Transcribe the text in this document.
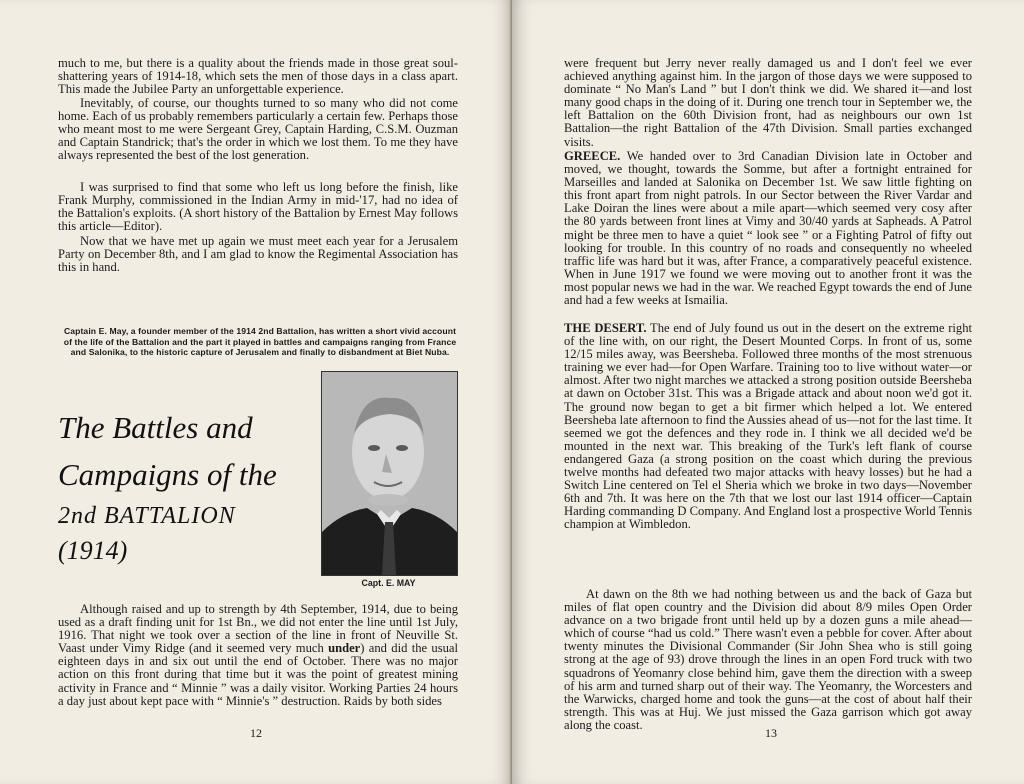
much to me, but there is a quality about the friends made in those great soul-shattering years of 1914-18, which sets the men of those days in a class apart. This made the Jubilee Party an unforgettable experience.

Inevitably, of course, our thoughts turned to so many who did not come home. Each of us probably remembers particularly a certain few. Perhaps those who meant most to me were Sergeant Grey, Captain Harding, C.S.M. Ouzman and Captain Standrick; that's the order in which we lost them. To me they have always represented the best of the lost generation.

I was surprised to find that some who left us long before the finish, like Frank Murphy, commissioned in the Indian Army in mid-'17, had no idea of the Battalion's exploits. (A short history of the Battalion by Ernest May follows this article—Editor).

Now that we have met up again we must meet each year for a Jerusalem Party on December 8th, and I am glad to know the Regimental Association has this in hand.

Captain E. May, a founder member of the 1914 2nd Battalion, has written a short vivid account of the life of the Battalion and the part it played in battles and campaigns ranging from France and Salonika, to the historic capture of Jerusalem and finally to disbandment at Biet Nuba.

The Battles and

Campaigns of the

2nd BATTALION

(1914)

Capt. E. MAY

Although raised and up to strength by 4th September, 1914, due to being used as a draft finding unit for 1st Bn., we did not enter the line until 1st July, 1916. That night we took over a section of the line in front of Neuville St. Vaast under Vimy Ridge (and it seemed very much under) and did the usual eighteen days in and six out until the end of October. There was no major action on this front during that time but it was the point of greatest mining activity in France and “ Minnie ” was a daily visitor. Working Parties 24 hours a day just about kept pace with “ Minnie's ” destruction. Raids by both sides

12

were frequent but Jerry never really damaged us and I don't feel we ever achieved anything against him. In the jargon of those days we were supposed to dominate “ No Man's Land ” but I don't think we did. We shared it—and lost many good chaps in the doing of it. During one trench tour in September we, the left Battalion on the 60th Division front, had as neighbours our own 1st Battalion—the right Battalion of the 47th Division. Small parties exchanged visits.

GREECE. We handed over to 3rd Canadian Division late in October and moved, we thought, towards the Somme, but after a fortnight entrained for Marseilles and landed at Salonika on December 1st. We saw little fighting on this front apart from night patrols. In our Sector between the River Vardar and Lake Doiran the lines were about a mile apart—which seemed very cosy after the 80 yards between front lines at Vimy and 30/40 yards at Sapheads. A Patrol might be three men to have a quiet “ look see ” or a Fighting Patrol of fifty out looking for trouble. In this country of no roads and consequently no wheeled traffic life was hard but it was, after France, a comparatively peaceful existence. When in June 1917 we found we were moving out to another front it was the most popular news we had in the war. We reached Egypt towards the end of June and had a few weeks at Ismailia.

THE DESERT. The end of July found us out in the desert on the extreme right of the line with, on our right, the Desert Mounted Corps. In front of us, some 12/15 miles away, was Beersheba. Followed three months of the most strenuous training we ever had—for Open Warfare. Training too to live without water—or almost. After two night marches we attacked a strong position outside Beersheba at dawn on October 31st. This was a Brigade attack and about noon we'd got it. The ground now began to get a bit firmer which helped a lot. We entered Beersheba late afternoon to find the Aussies ahead of us—not for the last time. It seemed we got the defences and they rode in. I think we all decided we'd be mounted in the next war. This breaking of the Turk's left flank of course endangered Gaza (a strong position on the coast which during the previous twelve months had defeated two major attacks with heavy losses) but he had a Switch Line centered on Tel el Sheria which we broke in two days—November 6th and 7th. It was here on the 7th that we lost our last 1914 officer—Captain Harding commanding D Company. And England lost a prospective World Tennis champion at Wimbledon.

At dawn on the 8th we had nothing between us and the back of Gaza but miles of flat open country and the Division did about 8/9 miles Open Order advance on a two brigade front until held up by a dozen guns a mile ahead—which of course “had us cold.” There wasn't even a pebble for cover. After about twenty minutes the Divisional Commander (Sir John Shea who is still going strong at the age of 93) drove through the lines in an open Ford truck with two squadrons of Yeomanry close behind him, gave them the direction with a sweep of his arm and turned sharp out of their way. The Yeomanry, the Worcesters and the Warwicks, charged home and took the guns—at the cost of about half their strength. This was at Huj. We just missed the Gaza garrison which got away along the coast.

13
